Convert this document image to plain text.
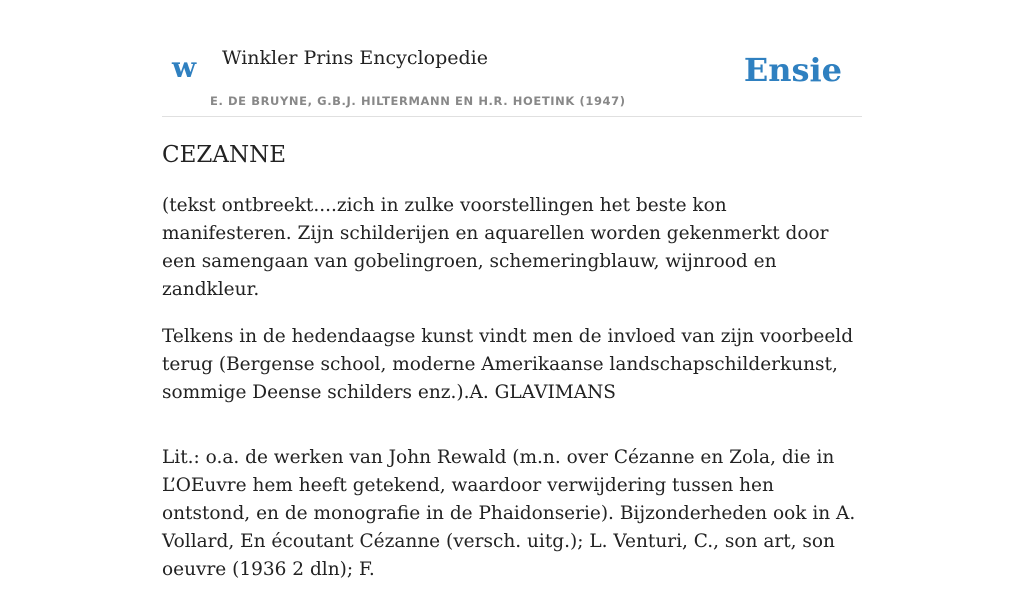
w Winkler Prins Encyclopedie
E. DE BRUYNE, G.B.J. HILTERMANN EN H.R. HOETINK (1947)
Ensie
CEZANNE

(tekst ontbreekt....zich in zulke voorstellingen het beste kon manifesteren. Zijn schilderijen en aquarellen worden gekenmerkt door een samengaan van gobelingroen, schemeringblauw, wijnrood en zandkleur.

Telkens in de hedendaagse kunst vindt men de invloed van zijn voorbeeld terug (Bergense school, moderne Amerikaanse landschapschilderkunst, sommige Deense schilders enz.).A. GLAVIMANS

Lit.: o.a. de werken van John Rewald (m.n. over Cézanne en Zola, die in L’OEuvre hem heeft getekend, waardoor verwijdering tussen hen ontstond, en de monografie in de Phaidonserie). Bijzonderheden ook in A. Vollard, En écoutant Cézanne (versch. uitg.); L. Venturi, C., son art, son oeuvre (1936 2 dln); F.
